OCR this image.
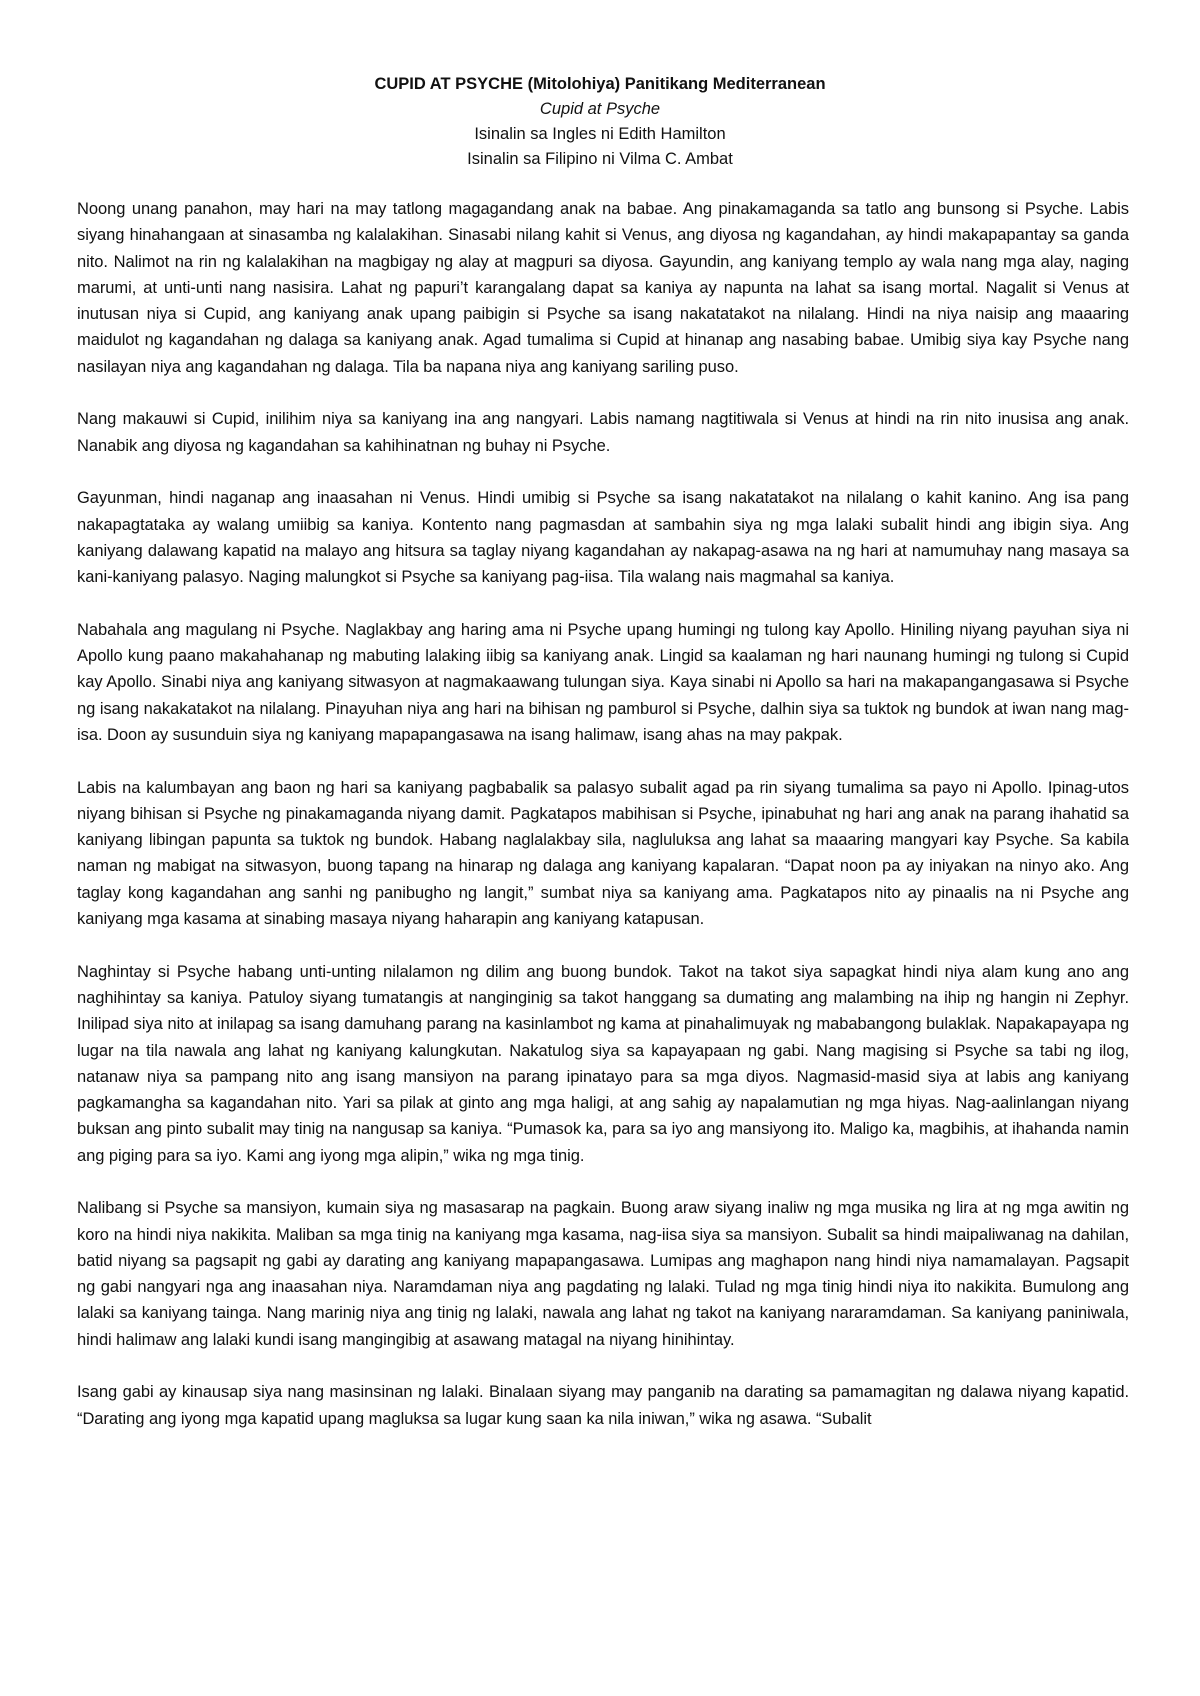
CUPID AT PSYCHE (Mitolohiya) Panitikang Mediterranean
Cupid at Psyche
Isinalin sa Ingles ni Edith Hamilton
Isinalin sa Filipino ni Vilma C. Ambat

Noong unang panahon, may hari na may tatlong magagandang anak na babae. Ang pinakamaganda sa tatlo ang bunsong si Psyche. Labis siyang hinahangaan at sinasamba ng kalalakihan. Sinasabi nilang kahit si Venus, ang diyosa ng kagandahan, ay hindi makapapantay sa ganda nito. Nalimot na rin ng kalalakihan na magbigay ng alay at magpuri sa diyosa. Gayundin, ang kaniyang templo ay wala nang mga alay, naging marumi, at unti-unti nang nasisira. Lahat ng papuri’t karangalang dapat sa kaniya ay napunta na lahat sa isang mortal. Nagalit si Venus at inutusan niya si Cupid, ang kaniyang anak upang paibigin si Psyche sa isang nakatatakot na nilalang. Hindi na niya naisip ang maaaring maidulot ng kagandahan ng dalaga sa kaniyang anak. Agad tumalima si Cupid at hinanap ang nasabing babae. Umibig siya kay Psyche nang nasilayan niya ang kagandahan ng dalaga. Tila ba napana niya ang kaniyang sariling puso.

Nang makauwi si Cupid, inilihim niya sa kaniyang ina ang nangyari. Labis namang nagtitiwala si Venus at hindi na rin nito inusisa ang anak. Nanabik ang diyosa ng kagandahan sa kahihinatnan ng buhay ni Psyche.

Gayunman, hindi naganap ang inaasahan ni Venus. Hindi umibig si Psyche sa isang nakatatakot na nilalang o kahit kanino. Ang isa pang nakapagtataka ay walang umiibig sa kaniya. Kontento nang pagmasdan at sambahin siya ng mga lalaki subalit hindi ang ibigin siya. Ang kaniyang dalawang kapatid na malayo ang hitsura sa taglay niyang kagandahan ay nakapag-asawa na ng hari at namumuhay nang masaya sa kani-kaniyang palasyo. Naging malungkot si Psyche sa kaniyang pag-iisa. Tila walang nais magmahal sa kaniya.

Nabahala ang magulang ni Psyche. Naglakbay ang haring ama ni Psyche upang humingi ng tulong kay Apollo. Hiniling niyang payuhan siya ni Apollo kung paano makahahanap ng mabuting lalaking iibig sa kaniyang anak. Lingid sa kaalaman ng hari naunang humingi ng tulong si Cupid kay Apollo. Sinabi niya ang kaniyang sitwasyon at nagmakaawang tulungan siya. Kaya sinabi ni Apollo sa hari na makapangangasawa si Psyche ng isang nakakatakot na nilalang. Pinayuhan niya ang hari na bihisan ng pamburol si Psyche, dalhin siya sa tuktok ng bundok at iwan nang mag-isa. Doon ay susunduin siya ng kaniyang mapapangasawa na isang halimaw, isang ahas na may pakpak.

Labis na kalumbayan ang baon ng hari sa kaniyang pagbabalik sa palasyo subalit agad pa rin siyang tumalima sa payo ni Apollo. Ipinag-utos niyang bihisan si Psyche ng pinakamaganda niyang damit. Pagkatapos mabihisan si Psyche, ipinabuhat ng hari ang anak na parang ihahatid sa kaniyang libingan papunta sa tuktok ng bundok. Habang naglalakbay sila, nagluluksa ang lahat sa maaaring mangyari kay Psyche. Sa kabila naman ng mabigat na sitwasyon, buong tapang na hinarap ng dalaga ang kaniyang kapalaran. “Dapat noon pa ay iniyakan na ninyo ako. Ang taglay kong kagandahan ang sanhi ng panibugho ng langit,” sumbat niya sa kaniyang ama. Pagkatapos nito ay pinaalis na ni Psyche ang kaniyang mga kasama at sinabing masaya niyang haharapin ang kaniyang katapusan.

Naghintay si Psyche habang unti-unting nilalamon ng dilim ang buong bundok. Takot na takot siya sapagkat hindi niya alam kung ano ang naghihintay sa kaniya. Patuloy siyang tumatangis at nanginginig sa takot hanggang sa dumating ang malambing na ihip ng hangin ni Zephyr. Inilipad siya nito at inilapag sa isang damuhang parang na kasinlambot ng kama at pinahalimuyak ng mababangong bulaklak. Napakapayapa ng lugar na tila nawala ang lahat ng kaniyang kalungkutan. Nakatulog siya sa kapayapaan ng gabi. Nang magising si Psyche sa tabi ng ilog, natanaw niya sa pampang nito ang isang mansiyon na parang ipinatayo para sa mga diyos. Nagmasid-masid siya at labis ang kaniyang pagkamangha sa kagandahan nito. Yari sa pilak at ginto ang mga haligi, at ang sahig ay napalamutian ng mga hiyas. Nag-aalinlangan niyang buksan ang pinto subalit may tinig na nangusap sa kaniya. “Pumasok ka, para sa iyo ang mansiyong ito. Maligo ka, magbihis, at ihahanda namin ang piging para sa iyo. Kami ang iyong mga alipin,” wika ng mga tinig.

Nalibang si Psyche sa mansiyon, kumain siya ng masasarap na pagkain. Buong araw siyang inaliw ng mga musika ng lira at ng mga awitin ng koro na hindi niya nakikita. Maliban sa mga tinig na kaniyang mga kasama, nag-iisa siya sa mansiyon. Subalit sa hindi maipaliwanag na dahilan, batid niyang sa pagsapit ng gabi ay darating ang kaniyang mapapangasawa. Lumipas ang maghapon nang hindi niya namamalayan. Pagsapit ng gabi nangyari nga ang inaasahan niya. Naramdaman niya ang pagdating ng lalaki. Tulad ng mga tinig hindi niya ito nakikita. Bumulong ang lalaki sa kaniyang tainga. Nang marinig niya ang tinig ng lalaki, nawala ang lahat ng takot na kaniyang nararamdaman. Sa kaniyang paniniwala, hindi halimaw ang lalaki kundi isang mangingibig at asawang matagal na niyang hinihintay.

Isang gabi ay kinausap siya nang masinsinan ng lalaki. Binalaan siyang may panganib na darating sa pamamagitan ng dalawa niyang kapatid. “Darating ang iyong mga kapatid upang magluksa sa lugar kung saan ka nila iniwan,” wika ng asawa. “Subalit
